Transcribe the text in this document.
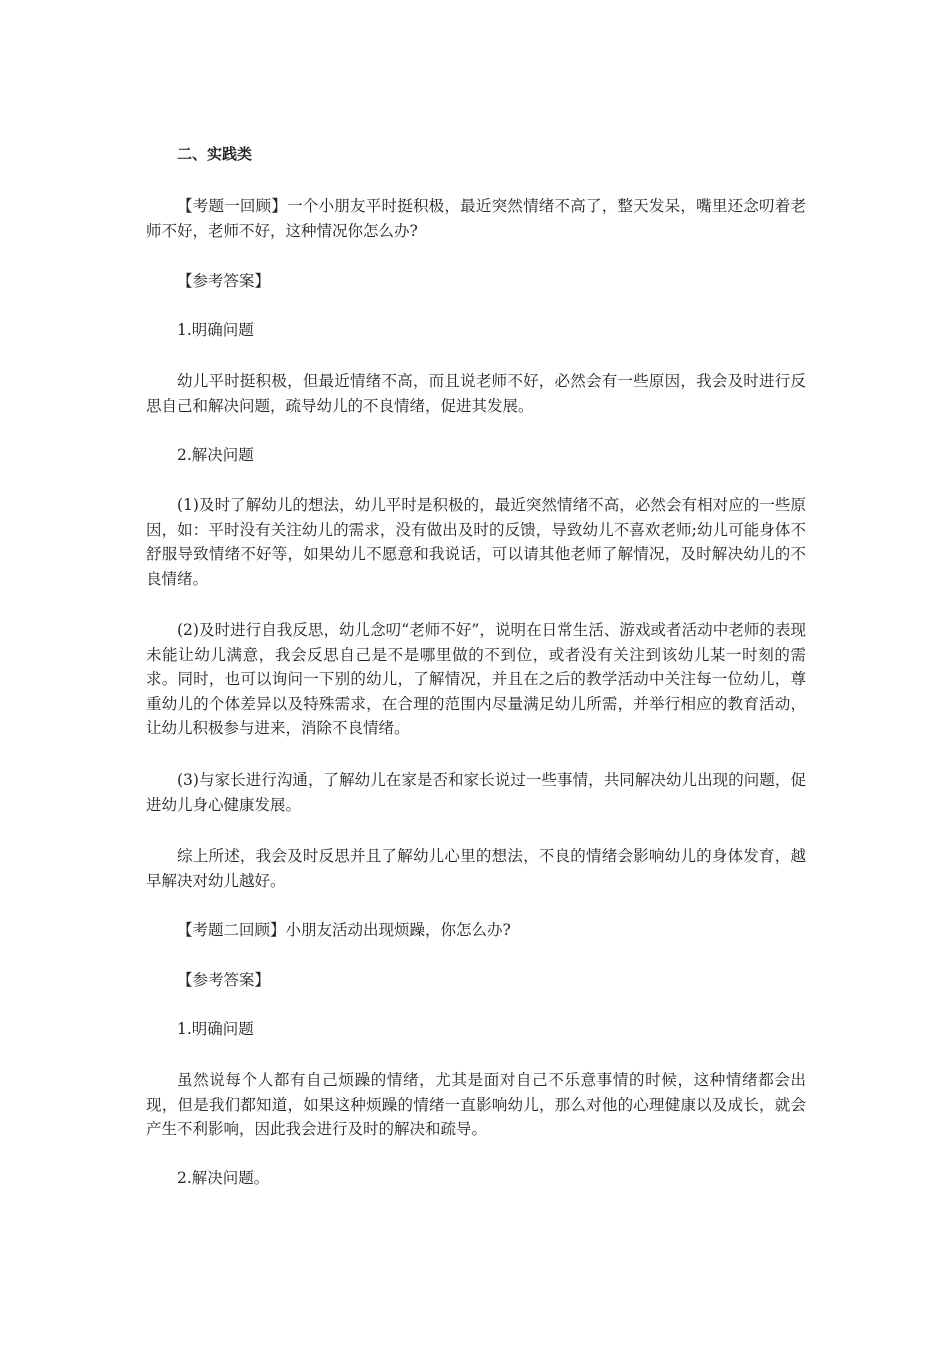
二、实践类

【考题一回顾】一个小朋友平时挺积极，最近突然情绪不高了，整天发呆，嘴里还念叨着老师不好，老师不好，这种情况你怎么办?

【参考答案】

1.明确问题

幼儿平时挺积极，但最近情绪不高，而且说老师不好，必然会有一些原因，我会及时进行反思自己和解决问题，疏导幼儿的不良情绪，促进其发展。

2.解决问题

(1)及时了解幼儿的想法，幼儿平时是积极的，最近突然情绪不高，必然会有相对应的一些原因，如：平时没有关注幼儿的需求，没有做出及时的反馈，导致幼儿不喜欢老师;幼儿可能身体不舒服导致情绪不好等，如果幼儿不愿意和我说话，可以请其他老师了解情况，及时解决幼儿的不良情绪。

(2)及时进行自我反思，幼儿念叨“老师不好”，说明在日常生活、游戏或者活动中老师的表现未能让幼儿满意，我会反思自己是不是哪里做的不到位，或者没有关注到该幼儿某一时刻的需求。同时，也可以询问一下别的幼儿，了解情况，并且在之后的教学活动中关注每一位幼儿，尊重幼儿的个体差异以及特殊需求，在合理的范围内尽量满足幼儿所需，并举行相应的教育活动，让幼儿积极参与进来，消除不良情绪。

(3)与家长进行沟通，了解幼儿在家是否和家长说过一些事情，共同解决幼儿出现的问题，促进幼儿身心健康发展。

综上所述，我会及时反思并且了解幼儿心里的想法，不良的情绪会影响幼儿的身体发育，越早解决对幼儿越好。

【考题二回顾】小朋友活动出现烦躁，你怎么办?

【参考答案】

1.明确问题

虽然说每个人都有自己烦躁的情绪，尤其是面对自己不乐意事情的时候，这种情绪都会出现，但是我们都知道，如果这种烦躁的情绪一直影响幼儿，那么对他的心理健康以及成长，就会产生不利影响，因此我会进行及时的解决和疏导。

2.解决问题。
